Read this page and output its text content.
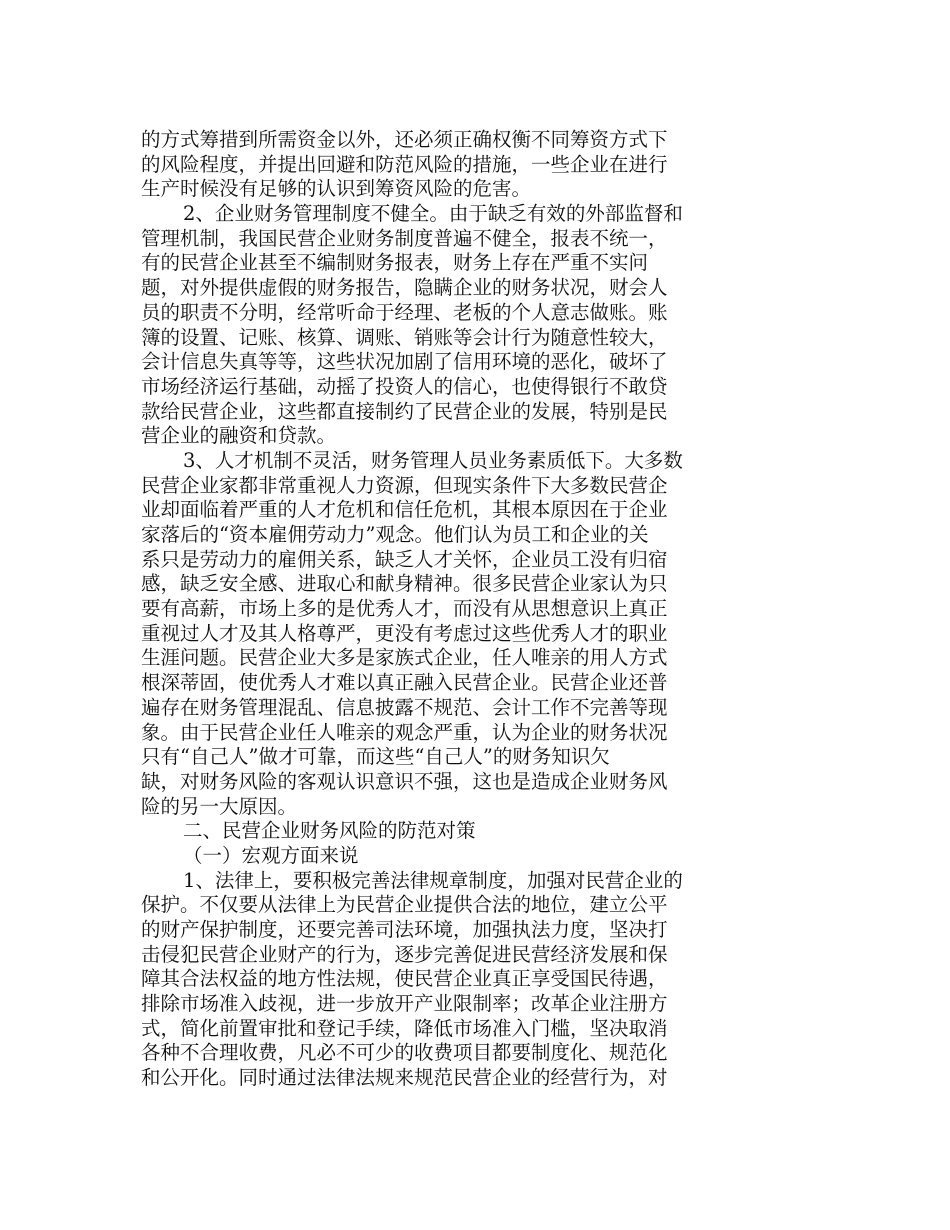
的方式筹措到所需资金以外，还必须正确权衡不同筹资方式下
的风险程度，并提出回避和防范风险的措施，一些企业在进行
生产时候没有足够的认识到筹资风险的危害。
2、企业财务管理制度不健全。由于缺乏有效的外部监督和
管理机制，我国民营企业财务制度普遍不健全，报表不统一，
有的民营企业甚至不编制财务报表，财务上存在严重不实问
题，对外提供虚假的财务报告，隐瞒企业的财务状况，财会人
员的职责不分明，经常听命于经理、老板的个人意志做账。账
簿的设置、记账、核算、调账、销账等会计行为随意性较大，
会计信息失真等等，这些状况加剧了信用环境的恶化，破坏了
市场经济运行基础，动摇了投资人的信心，也使得银行不敢贷
款给民营企业，这些都直接制约了民营企业的发展，特别是民
营企业的融资和贷款。
3、人才机制不灵活，财务管理人员业务素质低下。大多数
民营企业家都非常重视人力资源，但现实条件下大多数民营企
业却面临着严重的人才危机和信任危机，其根本原因在于企业
家落后的“资本雇佣劳动力”观念。他们认为员工和企业的关
系只是劳动力的雇佣关系，缺乏人才关怀，企业员工没有归宿
感，缺乏安全感、进取心和献身精神。很多民营企业家认为只
要有高薪，市场上多的是优秀人才，而没有从思想意识上真正
重视过人才及其人格尊严，更没有考虑过这些优秀人才的职业
生涯问题。民营企业大多是家族式企业，任人唯亲的用人方式
根深蒂固，使优秀人才难以真正融入民营企业。民营企业还普
遍存在财务管理混乱、信息披露不规范、会计工作不完善等现
象。由于民营企业任人唯亲的观念严重，认为企业的财务状况
只有“自己人”做才可靠，而这些“自己人”的财务知识欠
缺，对财务风险的客观认识意识不强，这也是造成企业财务风
险的另一大原因。
二、民营企业财务风险的防范对策
（一）宏观方面来说
1、法律上，要积极完善法律规章制度，加强对民营企业的
保护。不仅要从法律上为民营企业提供合法的地位，建立公平
的财产保护制度，还要完善司法环境，加强执法力度，坚决打
击侵犯民营企业财产的行为，逐步完善促进民营经济发展和保
障其合法权益的地方性法规，使民营企业真正享受国民待遇，
排除市场准入歧视，进一步放开产业限制率；改革企业注册方
式，简化前置审批和登记手续，降低市场准入门槛，坚决取消
各种不合理收费，凡必不可少的收费项目都要制度化、规范化
和公开化。同时通过法律法规来规范民营企业的经营行为，对
